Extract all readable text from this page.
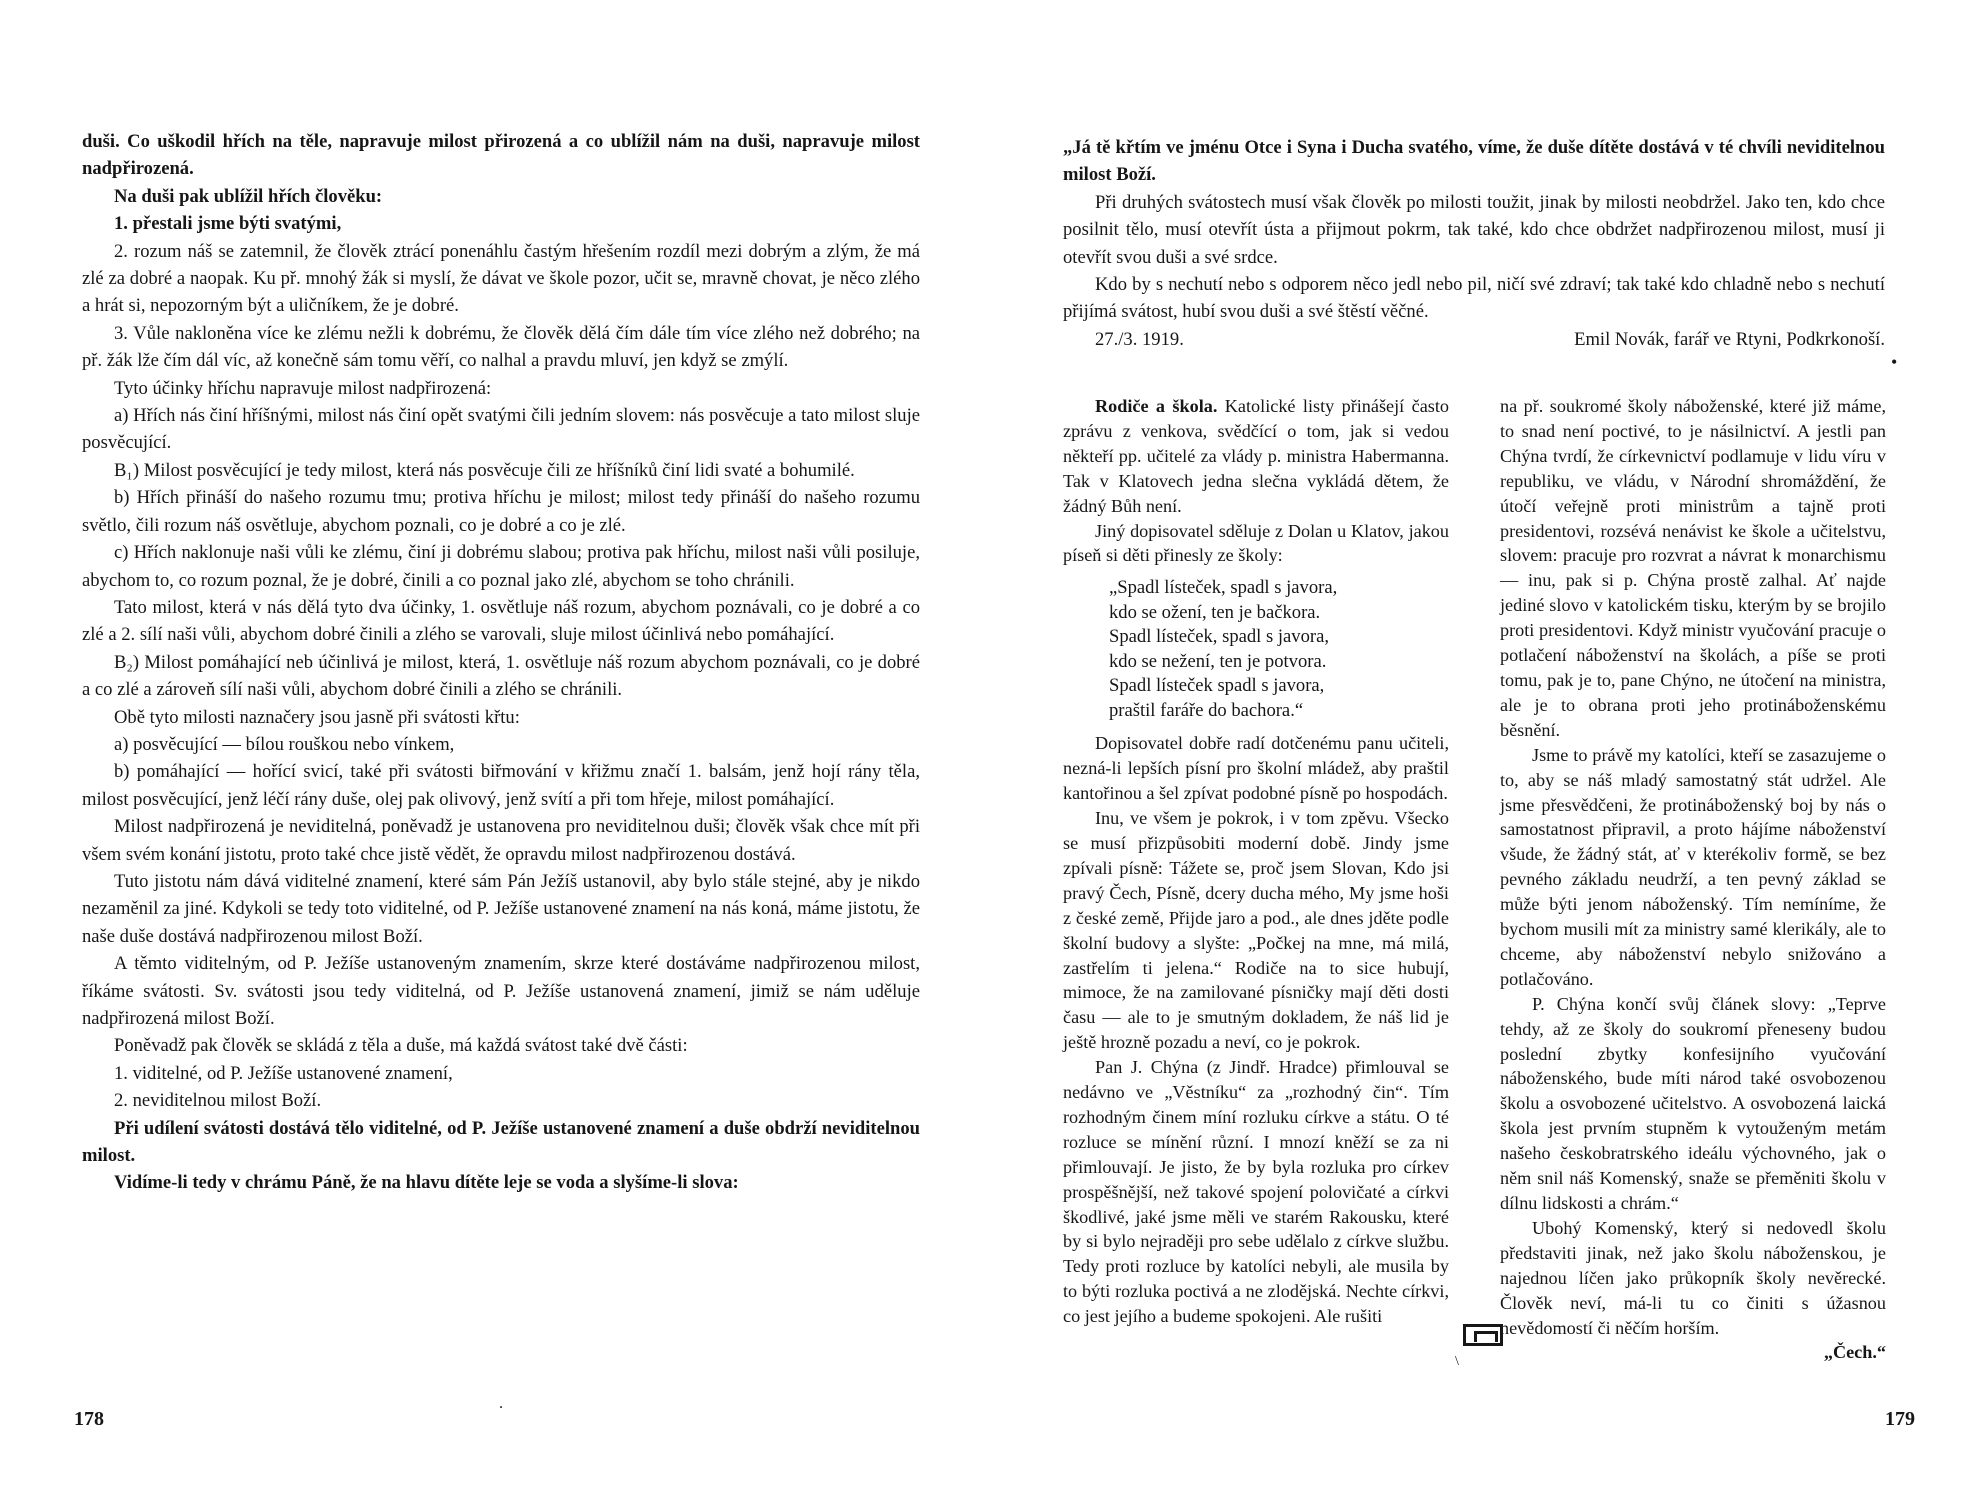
duši. Co uškodil hřích na těle, napravuje milost přirozená a co ublížil nám na duši, napravuje milost nadpřirozená.

Na duši pak ublížil hřích člověku:

1. přestali jsme býti svatými,

2. rozum náš se zatemnil, že člověk ztrácí ponenáhlu častým hřešením rozdíl mezi dobrým a zlým, že má zlé za dobré a naopak. Ku př. mnohý žák si myslí, že dávat ve škole pozor, učit se, mravně chovat, je něco zlého a hrát si, nepozorným být a uličníkem, že je dobré.

3. Vůle nakloněna více ke zlému nežli k dobrému, že člověk dělá čím dále tím více zlého než dobrého; na př. žák lže čím dál víc, až konečně sám tomu věří, co nalhal a pravdu mluví, jen když se zmýlí.

Tyto účinky hříchu napravuje milost nadpřirozená:

a) Hřích nás činí hříšnými, milost nás činí opět svatými čili jedním slovem: nás posvěcuje a tato milost sluje posvěcující.

B₁) Milost posvěcující je tedy milost, která nás posvěcuje čili ze hříšníků činí lidi svaté a bohumilé.

b) Hřích přináší do našeho rozumu tmu; protiva hříchu je milost; milost tedy přináší do našeho rozumu světlo, čili rozum náš osvětluje, abychom poznali, co je dobré a co je zlé.

c) Hřích naklonuje naši vůli ke zlému, činí ji dobrému slabou; protiva pak hříchu, milost naši vůli posiluje, abychom to, co rozum poznal, že je dobré, činili a co poznal jako zlé, abychom se toho chránili.

Tato milost, která v nás dělá tyto dva účinky, 1. osvětluje náš rozum, abychom poznávali, co je dobré a co zlé a 2. sílí naši vůli, abychom dobré činili a zlého se varovali, sluje milost účinlivá nebo pomáhající.

B₂) Milost pomáhající neb účinlivá je milost, která, 1. osvětluje náš rozum abychom poznávali, co je dobré a co zlé a zároveň sílí naši vůli, abychom dobré činili a zlého se chránili.

Obě tyto milosti naznačery jsou jasně při svátosti křtu:

a) posvěcující — bílou rouškou nebo vínkem,

b) pomáhající — hořící svicí, také při svátosti biřmování v křižmu značí 1. balsám, jenž hojí rány těla, milost posvěcující, jenž léčí rány duše, olej pak olivový, jenž svítí a při tom hřeje, milost pomáhající.

Milost nadpřirozená je neviditelná, poněvadž je ustanovena pro neviditelnou duši; člověk však chce mít při všem svém konání jistotu, proto také chce jistě vědět, že opravdu milost nadpřirozenou dostává.

Tuto jistotu nám dává viditelné znamení, které sám Pán Ježíš ustanovil, aby bylo stále stejné, aby je nikdo nezaměnil za jiné. Kdykoli se tedy toto viditelné, od P. Ježíše ustanovené znamení na nás koná, máme jistotu, že naše duše dostává nadpřirozenou milost Boží.

A těmto viditelným, od P. Ježíše ustanoveným znamením, skrze které dostáváme nadpřirozenou milost, říkáme svátosti. Sv. svátosti jsou tedy viditelná, od P. Ježíše ustanovená znamení, jimiž se nám uděluje nadpřirozená milost Boží.

Poněvadž pak člověk se skládá z těla a duše, má každá svátost také dvě části:

1. viditelné, od P. Ježíše ustanovené znamení,

2. neviditelnou milost Boží.

Při udílení svátosti dostává tělo viditelné, od P. Ježíše ustanovené znamení a duše obdrží neviditelnou milost.

Vidíme-li tedy v chrámu Páně, že na hlavu dítěte leje se voda a slyšíme-li slova:

178	˙

„Já tě křtím ve jménu Otce i Syna i Ducha svatého, víme, že duše dítěte dostává v té chvíli neviditelnou milost Boží.

Při druhých svátostech musí však člověk po milosti toužit, jinak by milosti neobdržel. Jako ten, kdo chce posilnit tělo, musí otevřít ústa a přijmout pokrm, tak také, kdo chce obdržet nadpřirozenou milost, musí ji otevřít svou duši a své srdce.

Kdo by s nechutí nebo s odporem něco jedl nebo pil, ničí své zdraví; tak také kdo chladně nebo s nechutí přijímá svátost, hubí svou duši a své štěstí věčné.

27./3. 1919.	Emil Novák, farář ve Rtyni, Podkrkonoší.
•

Rodiče a škola. Katolické listy přinášejí často zprávu z venkova, svědčící o tom, jak si vedou někteří pp. učitelé za vlády p. ministra Habermanna. Tak v Klatovech jedna slečna vykládá dětem, že žádný Bůh není.

Jiný dopisovatel sděluje z Dolan u Klatov, jakou píseň si děti přinesly ze školy:

„Spadl lísteček, spadl s javora,
kdo se ožení, ten je bačkora.
Spadl lísteček, spadl s javora,
kdo se nežení, ten je potvora.
Spadl lísteček spadl s javora,
praštil faráře do bachora.“

Dopisovatel dobře radí dotčenému panu učiteli, nezná-li lepších písní pro školní mládež, aby praštil kantořinou a šel zpívat podobné písně po hospodách.

Inu, ve všem je pokrok, i v tom zpěvu. Všecko se musí přizpůsobiti moderní době. Jindy jsme zpívali písně: Tážete se, proč jsem Slovan, Kdo jsi pravý Čech, Písně, dcery ducha mého, My jsme hoši z české země, Přijde jaro a pod., ale dnes jděte podle školní budovy a slyšte: „Počkej na mne, má milá, zastřelím ti jelena.“ Rodiče na to sice hubují, mimoce, že na zamilované písničky mají děti dosti času — ale to je smutným dokladem, že náš lid je ještě hrozně pozadu a neví, co je pokrok.

Pan J. Chýna (z Jindř. Hradce) přimlouval se nedávno ve „Věstníku“ za „rozhodný čin“. Tím rozhodným činem míní rozluku církve a státu. O té rozluce se mínění různí. I mnozí kněží se za ni přimlouvají. Je jisto, že by byla rozluka pro církev prospěšnější, než takové spojení polovičaté a církvi škodlivé, jaké jsme měli ve starém Rakousku, které by si bylo nejraději pro sebe udělalo z církve službu. Tedy proti rozluce by katolíci nebyli, ale musila by to býti rozluka poctivá a ne zlodějská. Nechte církvi, co jest jejího a budeme spokojeni. Ale rušiti

na př. soukromé školy náboženské, které již máme, to snad není poctivé, to je násilnictví. A jestli pan Chýna tvrdí, že církevnictví podlamuje v lidu víru v republiku, ve vládu, v Národní shromáždění, že útočí veřejně proti ministrům a tajně proti presidentovi, rozsévá nenávist ke škole a učitelstvu, slovem: pracuje pro rozvrat a návrat k monarchismu — inu, pak si p. Chýna prostě zalhal. Ať najde jediné slovo v katolickém tisku, kterým by se brojilo proti presidentovi. Když ministr vyučování pracuje o potlačení náboženství na školách, a píše se proti tomu, pak je to, pane Chýno, ne útočení na ministra, ale je to obrana proti jeho protináboženskému běsnění.

Jsme to právě my katolíci, kteří se zasazujeme o to, aby se náš mladý samostatný stát udržel. Ale jsme přesvědčeni, že protináboženský boj by nás o samostatnost připravil, a proto hájíme náboženství všude, že žádný stát, ať v kterékoliv formě, se bez pevného základu neudrží, a ten pevný základ se může býti jenom náboženský. Tím nemíníme, že bychom musili mít za ministry samé klerikály, ale to chceme, aby náboženství nebylo snižováno a potlačováno.

P. Chýna končí svůj článek slovy: „Teprve tehdy, až ze školy do soukromí přeneseny budou poslední zbytky konfesijního vyučování náboženského, bude míti národ také osvobozenou školu a osvobozené učitelstvo. A osvobozená laická škola jest prvním stupněm k vytouženým metám našeho českobratrského ideálu výchovného, jak o něm snil náš Komenský, snaže se přeměniti školu v dílnu lidskosti a chrám.“

Ubohý Komenský, který si nedovedl školu představiti jinak, než jako školu náboženskou, je najednou líčen jako průkopník školy nevěrecké. Člověk neví, má-li tu co činiti s úžasnou nevědomostí či něčím horším.

„Čech.“
\
179
